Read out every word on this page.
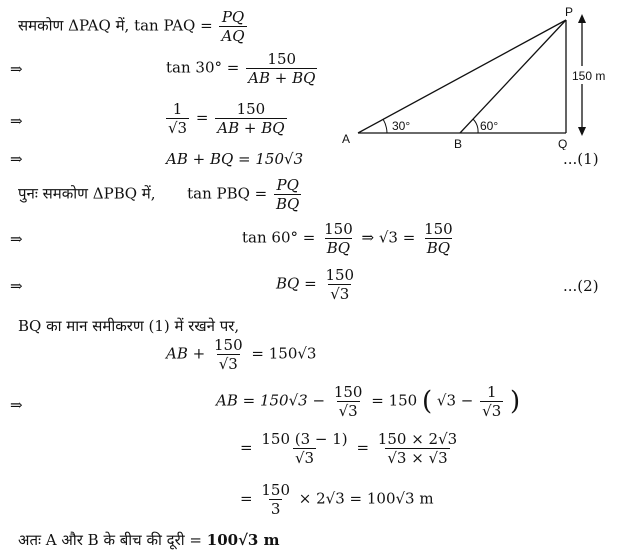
समकोण ΔPAQ में, tan PAQ = $\frac{PQ}{AQ}$
⇒	$\tan 30^\circ = \frac{150}{AB + BQ}$
⇒	$\frac{1}{√3} = \frac{150}{AB + BQ}$
⇒	AB + BQ = 150√3	...(1)
150 m
P
Q
A	B
30°	60°
पुनः समकोण ΔPBQ में, tan PBQ = $\frac{PQ}{BQ}$
⇒	$\tan 60^\circ = \frac{150}{BQ}$ ⇒ $√3 = \frac{150}{BQ}$
⇒	BQ = $\frac{150}{√3}$	...(2)
BQ का मान समीकरण (1) में रखने पर,
AB + $\frac{150}{√3} = 150√3$
⇒	AB = $150√3 - \frac{150}{√3} = 150$ ( $√3 - \frac{1}{√3}$ )
= $\frac{150 (3 - 1)}{√3} = \frac{150 \times 2√3}{√3 \times √3}$
= $\frac{150}{3} \times 2√3 = 100√3$ m
अतः A और B के बीच की दूरी = 100√3 m
